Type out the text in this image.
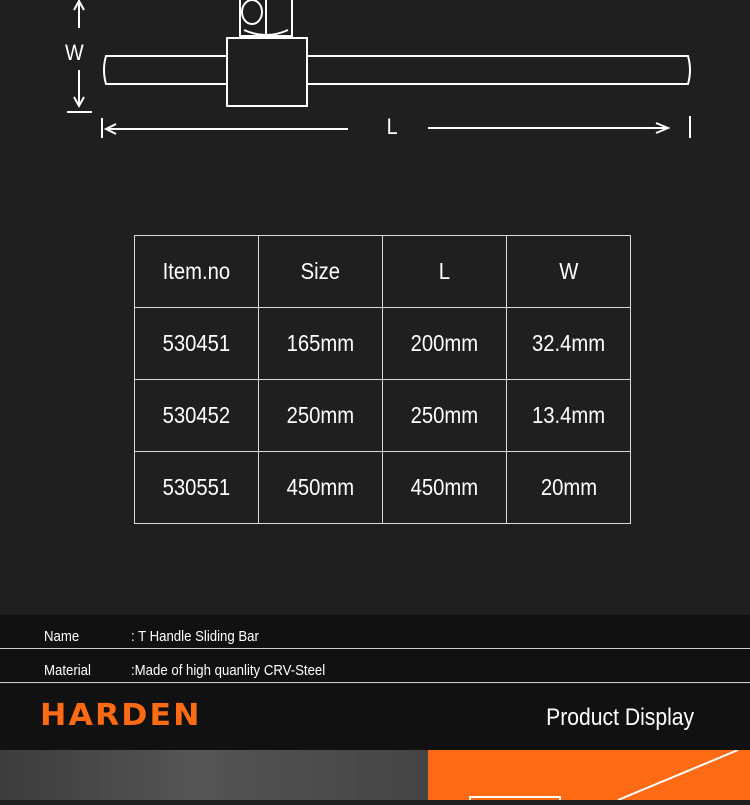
W
L
Item.no	Size	L	W
530451	165mm	200mm	32.4mm
530452	250mm	250mm	13.4mm
530551	450mm	450mm	20mm
Name	: T Handle Sliding Bar
Material	:Made of high quanlity CRV-Steel
HARDEN	Product Display
